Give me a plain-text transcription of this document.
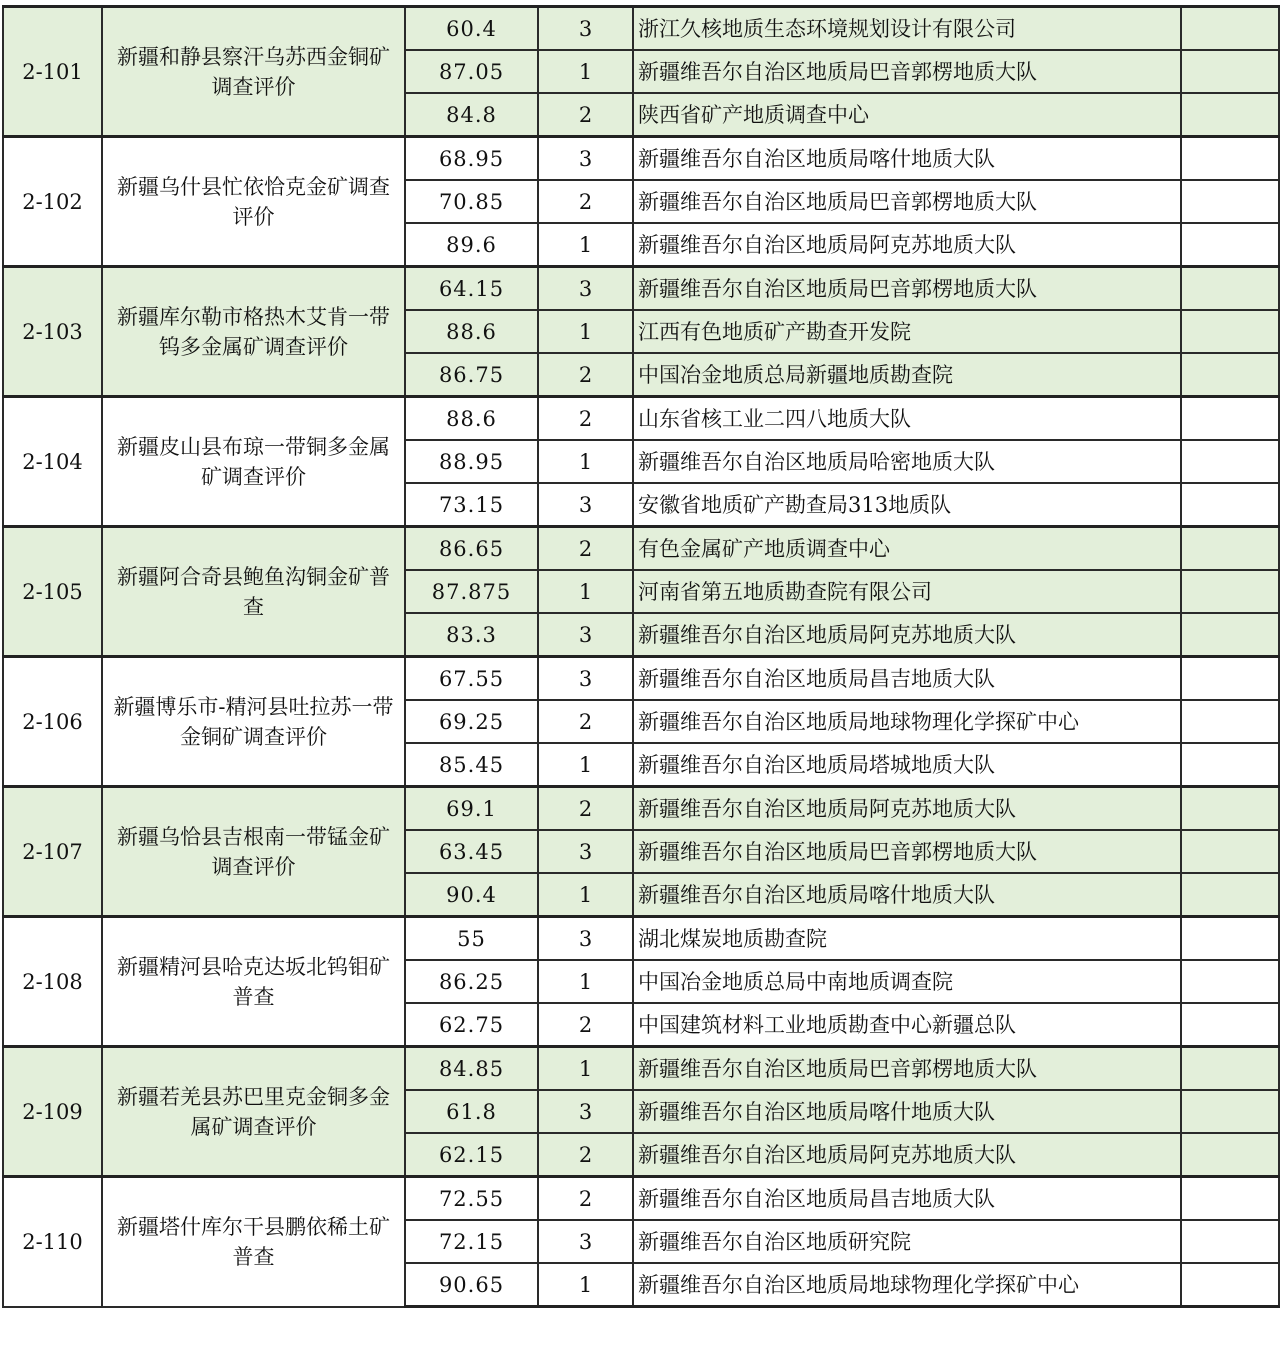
2-101	新疆和静县察汗乌苏西金铜矿调查评价	60.4	3	浙江久核地质生态环境规划设计有限公司	
		87.05	1	新疆维吾尔自治区地质局巴音郭楞地质大队	
		84.8	2	陕西省矿产地质调查中心	
2-102	新疆乌什县忙依恰克金矿调查评价	68.95	3	新疆维吾尔自治区地质局喀什地质大队	
		70.85	2	新疆维吾尔自治区地质局巴音郭楞地质大队	
		89.6	1	新疆维吾尔自治区地质局阿克苏地质大队	
2-103	新疆库尔勒市格热木艾肯一带钨多金属矿调查评价	64.15	3	新疆维吾尔自治区地质局巴音郭楞地质大队	
		88.6	1	江西有色地质矿产勘查开发院	
		86.75	2	中国冶金地质总局新疆地质勘查院	
2-104	新疆皮山县布琼一带铜多金属矿调查评价	88.6	2	山东省核工业二四八地质大队	
		88.95	1	新疆维吾尔自治区地质局哈密地质大队	
		73.15	3	安徽省地质矿产勘查局313地质队	
2-105	新疆阿合奇县鲍鱼沟铜金矿普查	86.65	2	有色金属矿产地质调查中心	
		87.875	1	河南省第五地质勘查院有限公司	
		83.3	3	新疆维吾尔自治区地质局阿克苏地质大队	
2-106	新疆博乐市-精河县吐拉苏一带金铜矿调查评价	67.55	3	新疆维吾尔自治区地质局昌吉地质大队	
		69.25	2	新疆维吾尔自治区地质局地球物理化学探矿中心	
		85.45	1	新疆维吾尔自治区地质局塔城地质大队	
2-107	新疆乌恰县吉根南一带锰金矿调查评价	69.1	2	新疆维吾尔自治区地质局阿克苏地质大队	
		63.45	3	新疆维吾尔自治区地质局巴音郭楞地质大队	
		90.4	1	新疆维吾尔自治区地质局喀什地质大队	
2-108	新疆精河县哈克达坂北钨钼矿普查	55	3	湖北煤炭地质勘查院	
		86.25	1	中国冶金地质总局中南地质调查院	
		62.75	2	中国建筑材料工业地质勘查中心新疆总队	
2-109	新疆若羌县苏巴里克金铜多金属矿调查评价	84.85	1	新疆维吾尔自治区地质局巴音郭楞地质大队	
		61.8	3	新疆维吾尔自治区地质局喀什地质大队	
		62.15	2	新疆维吾尔自治区地质局阿克苏地质大队	
2-110	新疆塔什库尔干县鹏依稀土矿普查	72.55	2	新疆维吾尔自治区地质局昌吉地质大队	
		72.15	3	新疆维吾尔自治区地质研究院	
		90.65	1	新疆维吾尔自治区地质局地球物理化学探矿中心	
